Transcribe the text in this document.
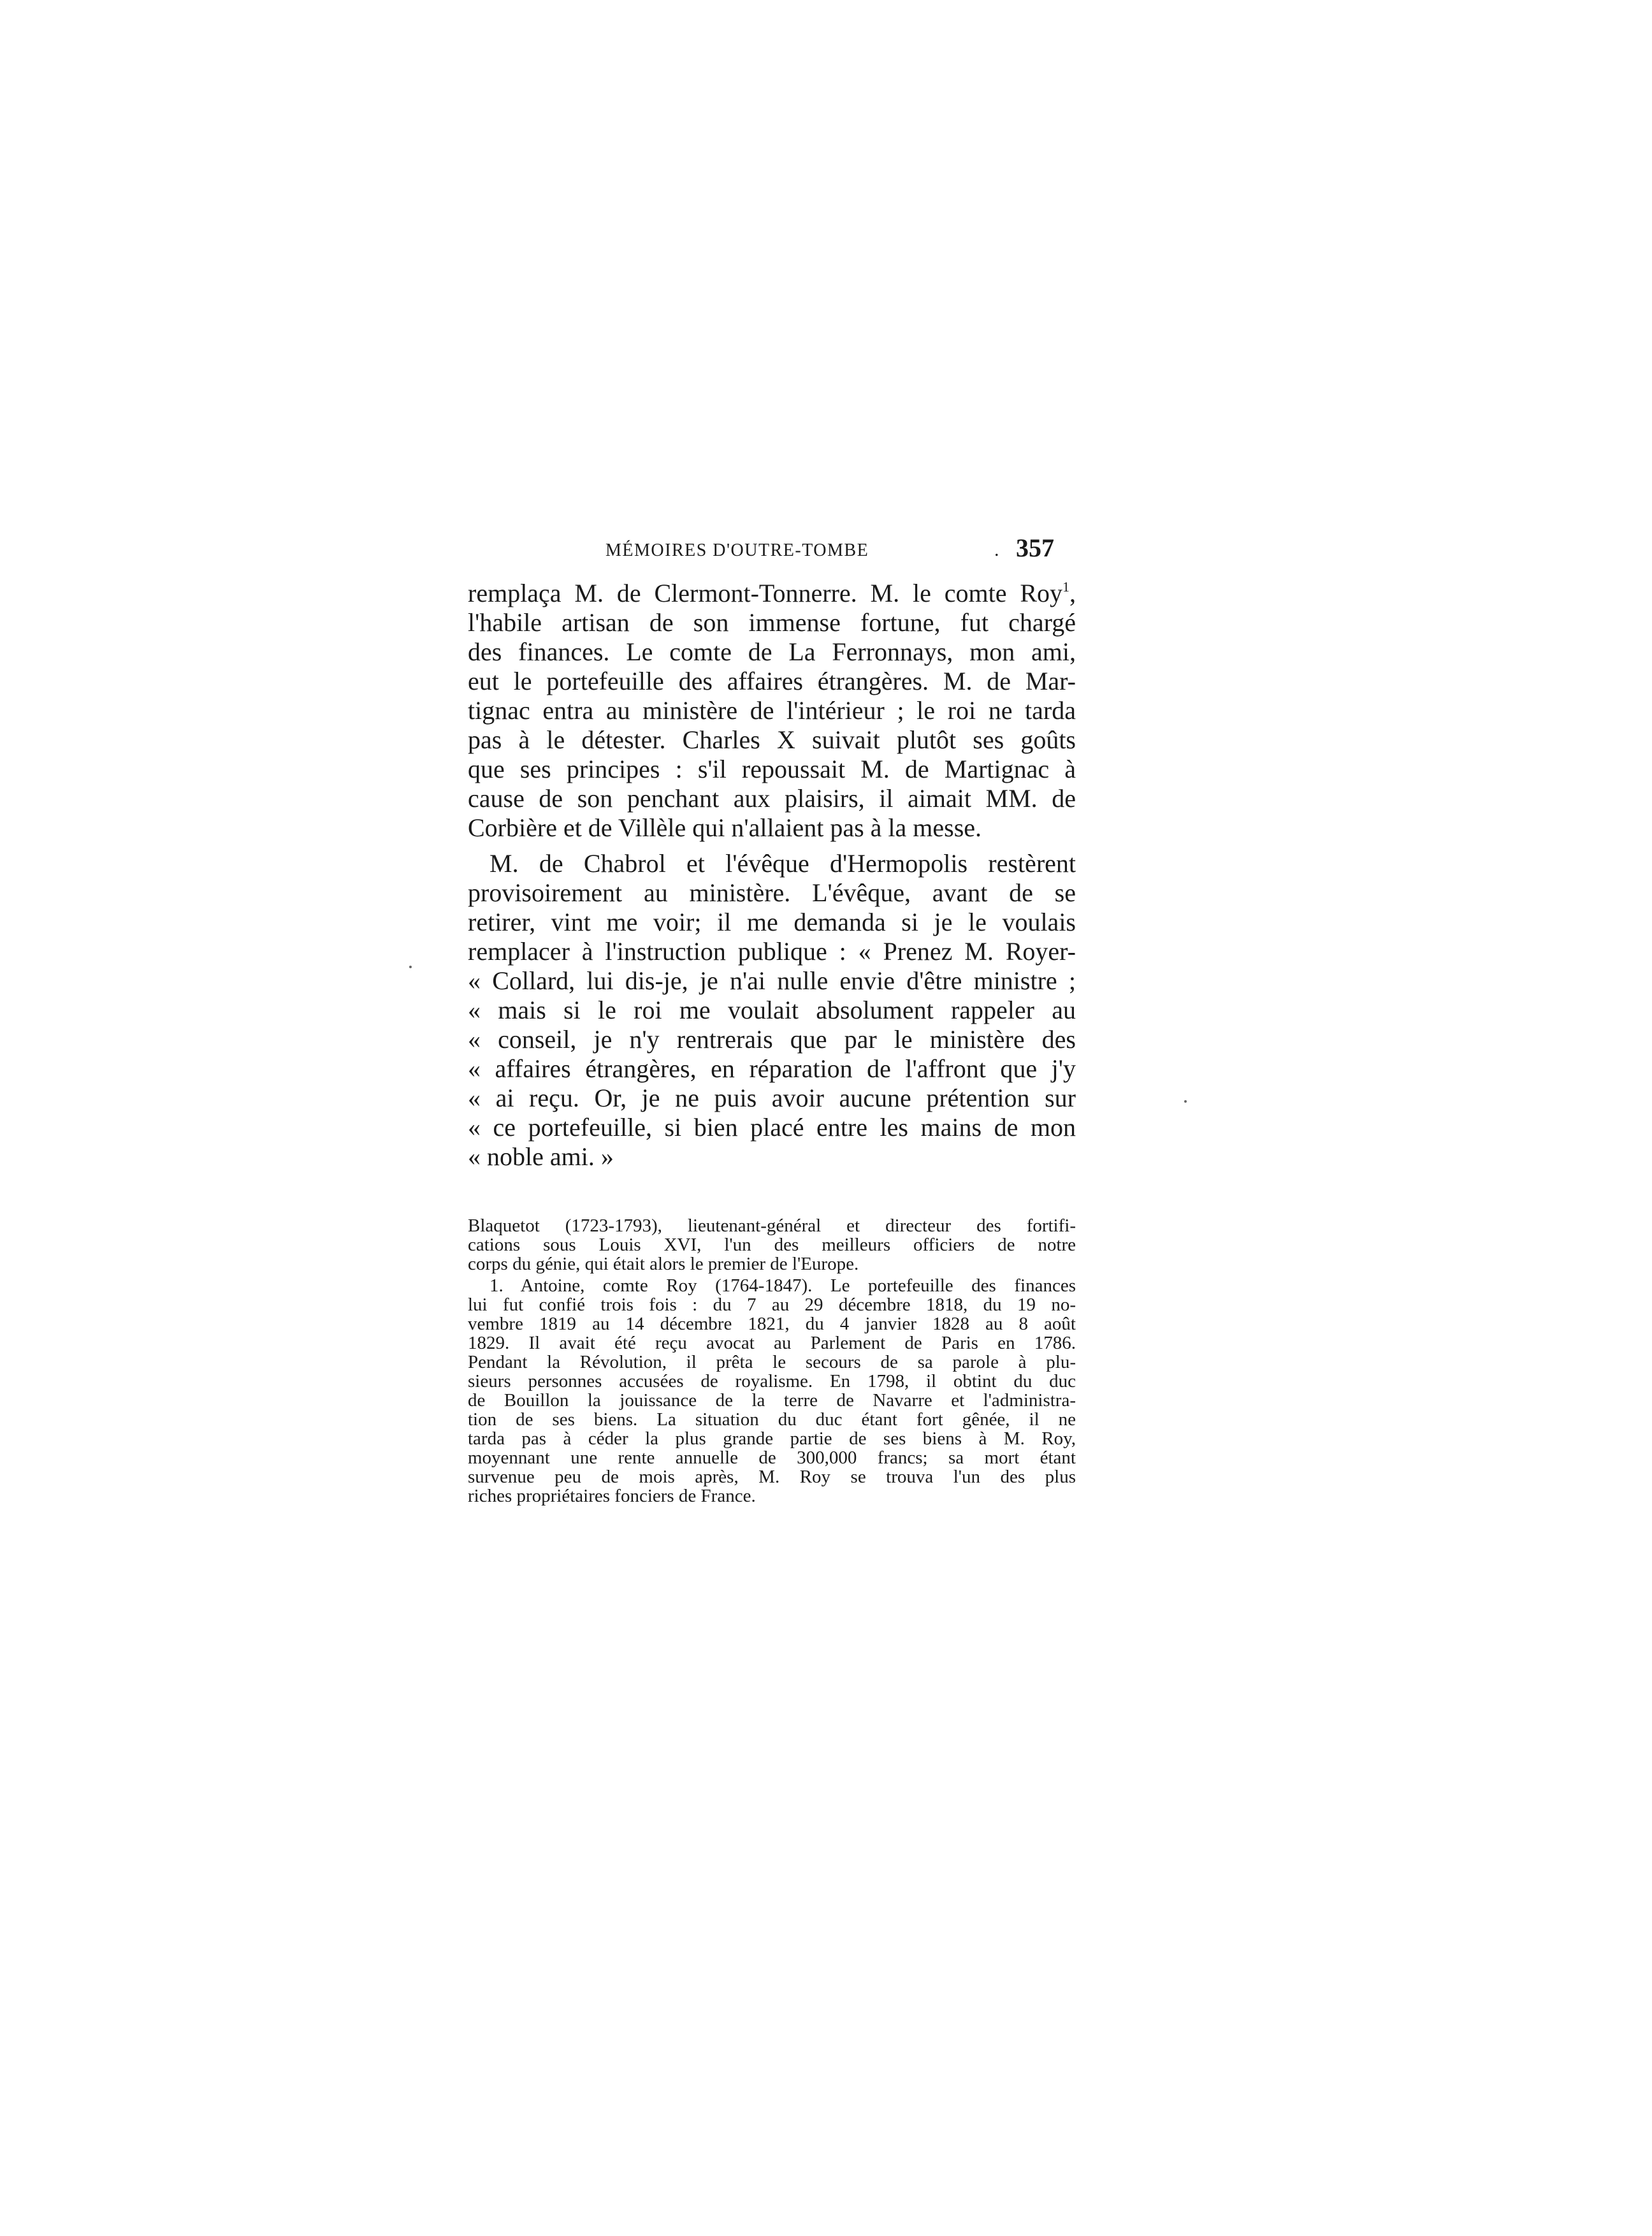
MÉMOIRES D'OUTRE-TOMBE	. 357
remplaça M. de Clermont-Tonnerre. M. le comte Roy$^1$,
l'habile artisan de son immense fortune, fut chargé
des finances. Le comte de La Ferronnays, mon ami,
eut le portefeuille des affaires étrangères. M. de Mar-
tignac entra au ministère de l'intérieur ; le roi ne tarda
pas à le détester. Charles X suivait plutôt ses goûts
que ses principes : s'il repoussait M. de Martignac à
cause de son penchant aux plaisirs, il aimait MM. de
Corbière et de Villèle qui n'allaient pas à la messe.
M. de Chabrol et l'évêque d'Hermopolis restèrent
provisoirement au ministère. L'évêque, avant de se
retirer, vint me voir; il me demanda si je le voulais
remplacer à l'instruction publique : « Prenez M. Royer-
« Collard, lui dis-je, je n'ai nulle envie d'être ministre ;
« mais si le roi me voulait absolument rappeler au
« conseil, je n'y rentrerais que par le ministère des
« affaires étrangères, en réparation de l'affront que j'y
« ai reçu. Or, je ne puis avoir aucune prétention sur
« ce portefeuille, si bien placé entre les mains de mon
« noble ami. »
Blaquetot (1723-1793), lieutenant-général et directeur des fortifi-
cations sous Louis XVI, l'un des meilleurs officiers de notre
corps du génie, qui était alors le premier de l'Europe.
1. Antoine, comte Roy (1764-1847). Le portefeuille des finances
lui fut confié trois fois : du 7 au 29 décembre 1818, du 19 no-
vembre 1819 au 14 décembre 1821, du 4 janvier 1828 au 8 août
1829. Il avait été reçu avocat au Parlement de Paris en 1786.
Pendant la Révolution, il prêta le secours de sa parole à plu-
sieurs personnes accusées de royalisme. En 1798, il obtint du duc
de Bouillon la jouissance de la terre de Navarre et l'administra-
tion de ses biens. La situation du duc étant fort gênée, il ne
tarda pas à céder la plus grande partie de ses biens à M. Roy,
moyennant une rente annuelle de 300,000 francs; sa mort étant
survenue peu de mois après, M. Roy se trouva l'un des plus
riches propriétaires fonciers de France.
